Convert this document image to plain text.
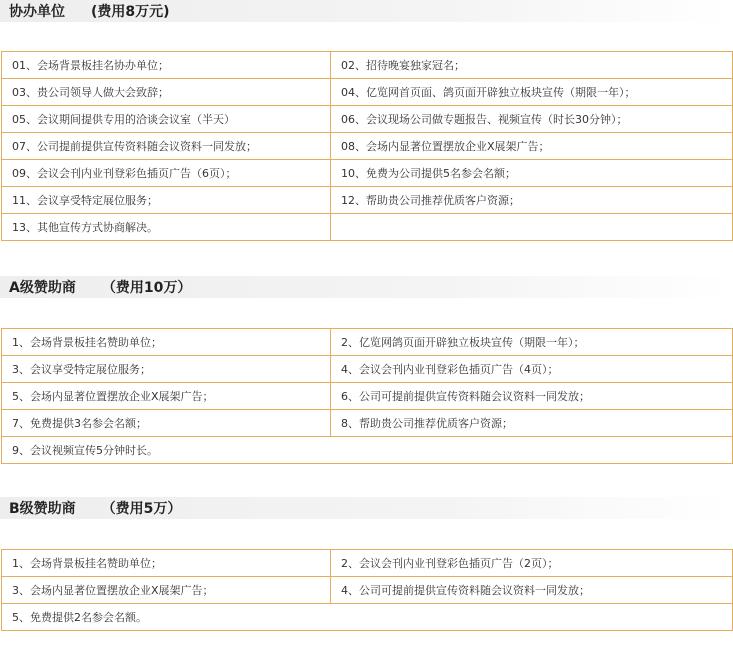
协办单位 (费用8万元)
01、会场背景板挂名协办单位；	02、招待晚宴独家冠名；
03、贵公司领导人做大会致辞；	04、亿览网首页面、鸽页面开辟独立板块宣传（期限一年）；
05、会议期间提供专用的洽谈会议室（半天）	06、会议现场公司做专题报告、视频宣传（时长30分钟）；
07、公司提前提供宣传资料随会议资料一同发放；	08、会场内显著位置摆放企业X展架广告；
09、会议会刊内业刊登彩色插页广告（6页）；	10、免费为公司提供5名参会名额；
11、会议享受特定展位服务；	12、帮助贵公司推荐优质客户资源；
13、其他宣传方式协商解决。	
A级赞助商 （费用10万）
1、会场背景板挂名赞助单位；	2、亿览网鸽页面开辟独立板块宣传（期限一年）；
3、会议享受特定展位服务；	4、会议会刊内业刊登彩色插页广告（4页）；
5、会场内显著位置摆放企业X展架广告；	6、公司可提前提供宣传资料随会议资料一同发放；
7、免费提供3名参会名额；	8、帮助贵公司推荐优质客户资源；
9、会议视频宣传5分钟时长。	
B级赞助商 （费用5万）
1、会场背景板挂名赞助单位；	2、会议会刊内业刊登彩色插页广告（2页）；
3、会场内显著位置摆放企业X展架广告；	4、公司可提前提供宣传资料随会议资料一同发放；
5、免费提供2名参会名额。	
